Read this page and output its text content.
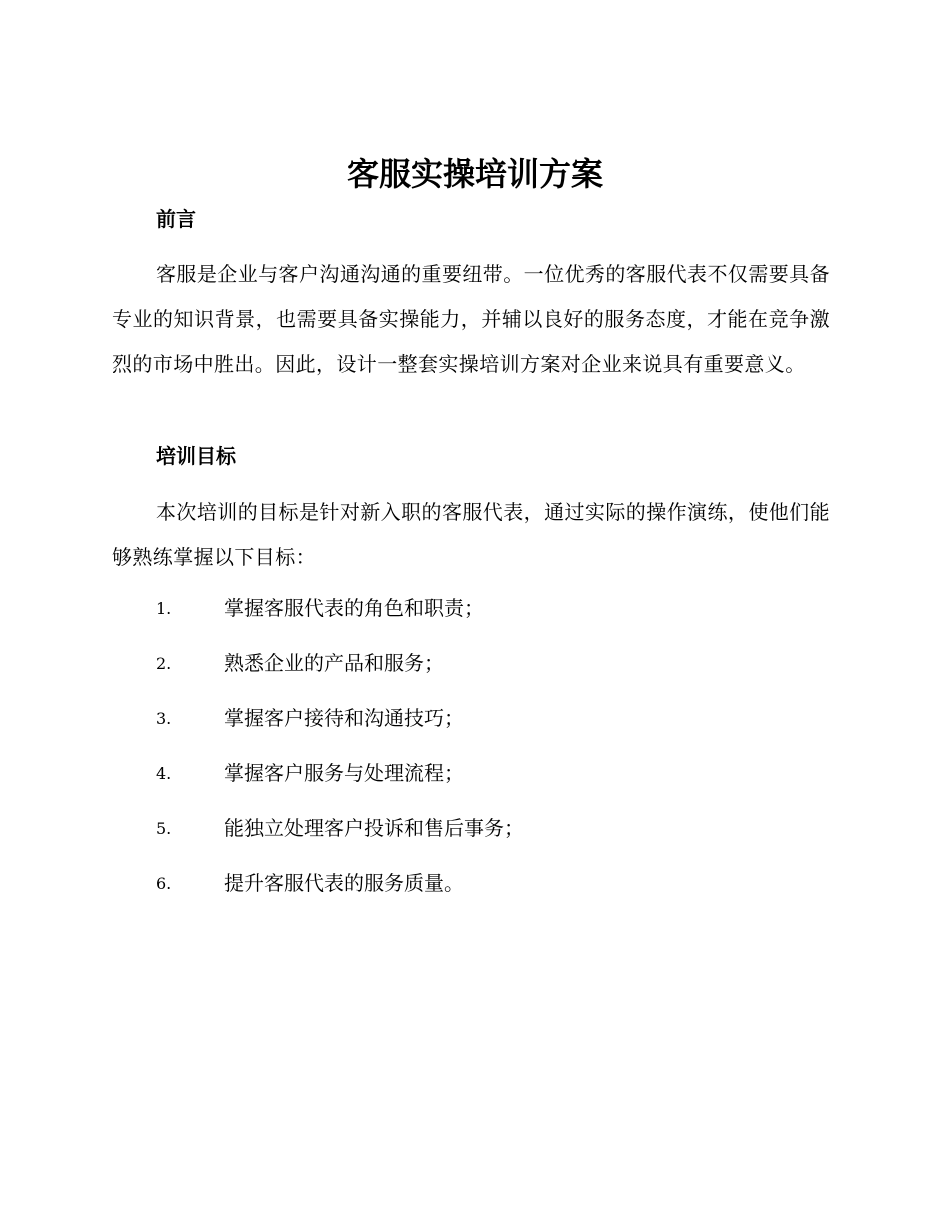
客服实操培训方案
前言

客服是企业与客户沟通沟通的重要纽带。一位优秀的客服代表不仅需要具备专业的知识背景，也需要具备实操能力，并辅以良好的服务态度，才能在竞争激烈的市场中胜出。因此，设计一整套实操培训方案对企业来说具有重要意义。

培训目标

本次培训的目标是针对新入职的客服代表，通过实际的操作演练，使他们能够熟练掌握以下目标：

1.	掌握客服代表的角色和职责；
2.	熟悉企业的产品和服务；
3.	掌握客户接待和沟通技巧；
4.	掌握客户服务与处理流程；
5.	能独立处理客户投诉和售后事务；
6.	提升客服代表的服务质量。
